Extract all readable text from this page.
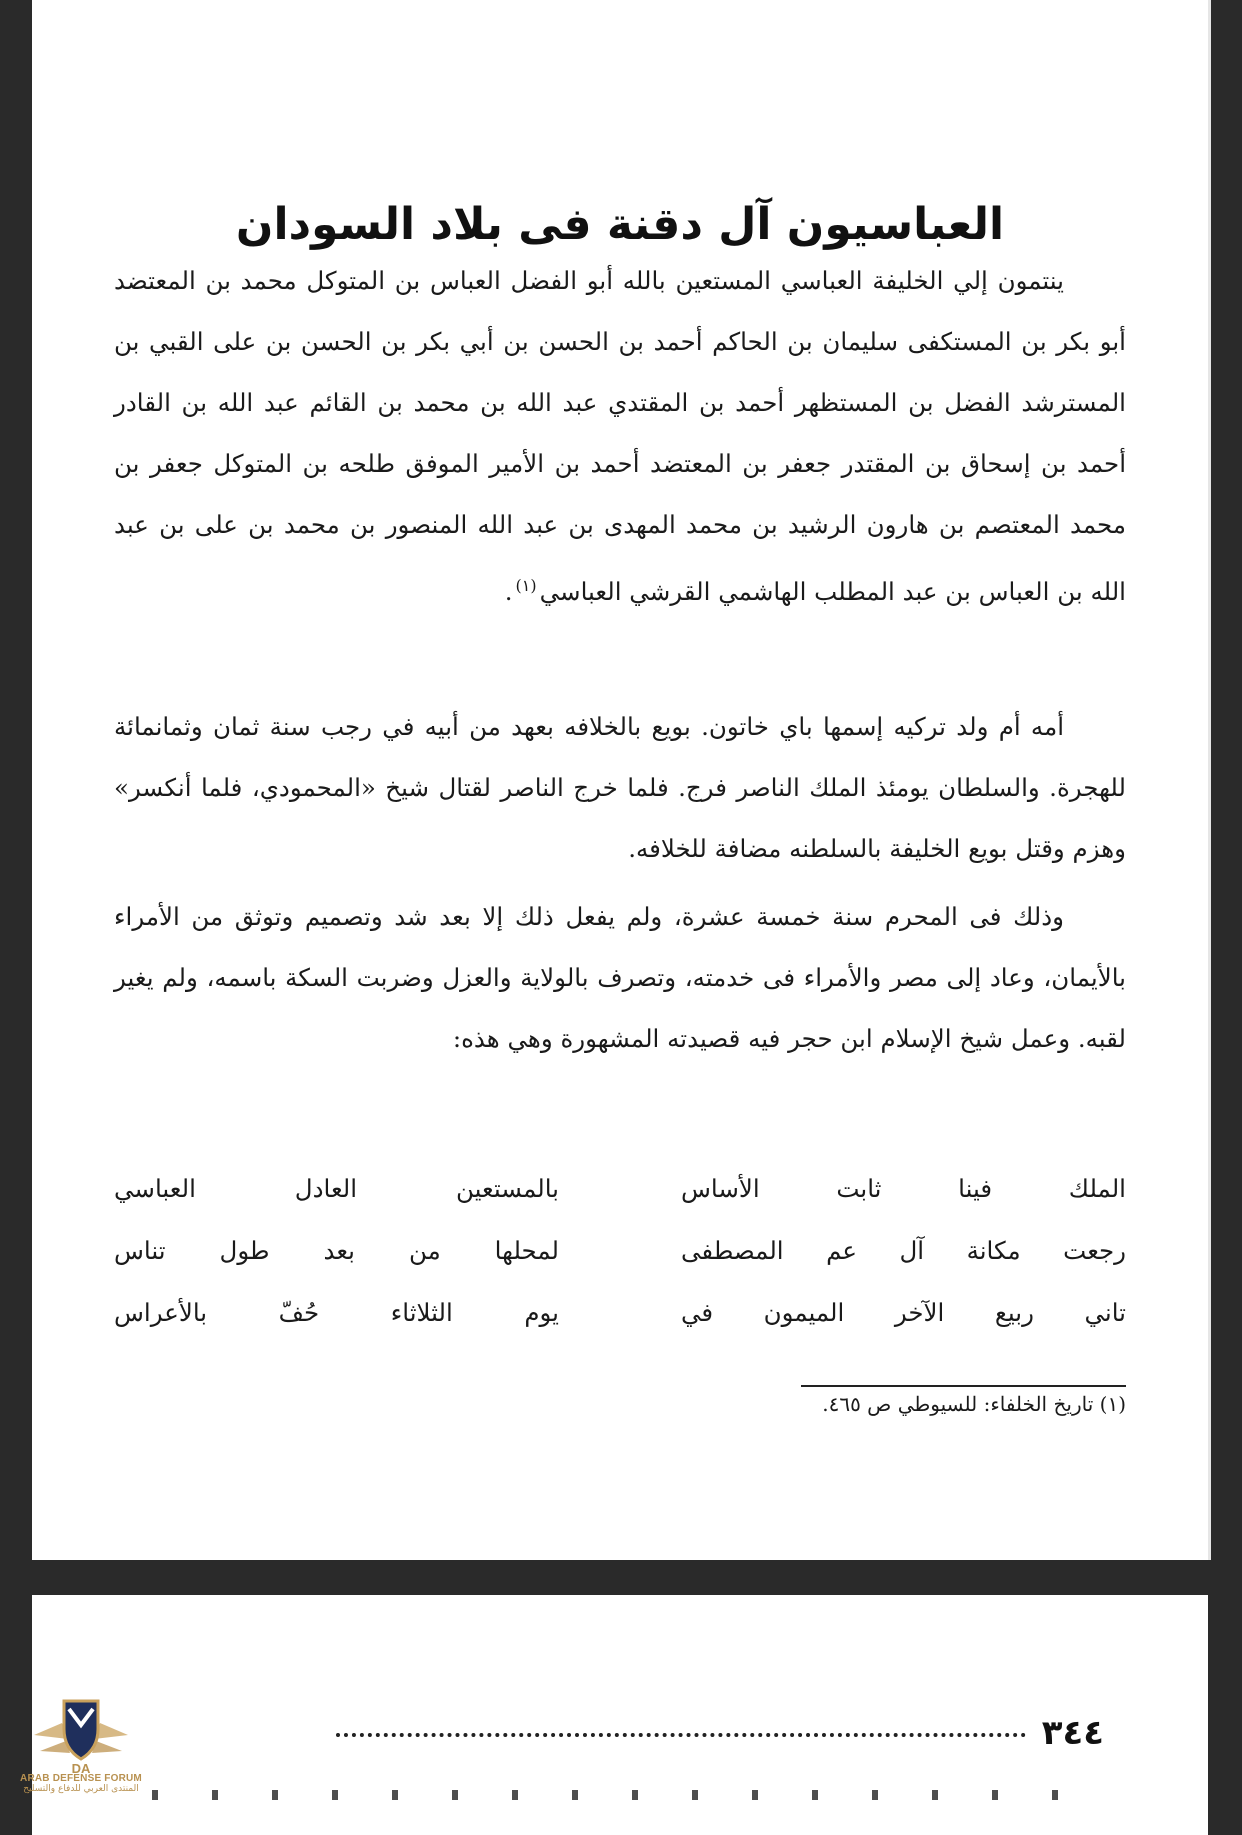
العباسيون آل دقنة فى بلاد السودان

ينتمون إلي الخليفة العباسي المستعين بالله أبو الفضل العباس بن المتوكل محمد بن المعتضد أبو بكر بن المستكفى سليمان بن الحاكم أحمد بن الحسن بن أبي بكر بن الحسن بن على القبي بن المسترشد الفضل بن المستظهر أحمد بن المقتدي عبد الله بن محمد بن القائم عبد الله بن القادر أحمد بن إسحاق بن المقتدر جعفر بن المعتضد أحمد بن الأمير الموفق طلحه بن المتوكل جعفر بن محمد المعتصم بن هارون الرشيد بن محمد المهدى بن عبد الله المنصور بن محمد بن على بن عبد الله بن العباس بن عبد المطلب الهاشمي القرشي العباسي$^{(١)}$.

أمه أم ولد تركيه إسمها باي خاتون. بويع بالخلافه بعهد من أبيه في رجب سنة ثمان وثمانمائة للهجرة. والسلطان يومئذ الملك الناصر فرج. فلما خرج الناصر لقتال شيخ «المحمودي، فلما أنكسر» وهزم وقتل بويع الخليفة بالسلطنه مضافة للخلافه.

وذلك فى المحرم سنة خمسة عشرة، ولم يفعل ذلك إلا بعد شد وتصميم وتوثق من الأمراء بالأيمان، وعاد إلى مصر والأمراء فى خدمته، وتصرف بالولاية والعزل وضربت السكة باسمه، ولم يغير لقبه. وعمل شيخ الإسلام ابن حجر فيه قصيدته المشهورة وهي هذه:

الملك فينا ثابت الأساس
بالمستعين العادل العباسي
رجعت مكانة آل عم المصطفى
لمحلها من بعد طول تناس
تاني ربيع الآخر الميمون في
يوم الثلاثاء حُفّ بالأعراس
(١) تاريخ الخلفاء: للسيوطي ص ٤٦٥.
٣٤٤
DA
ARAB DEFENSE FORUM
المنتدى العربي للدفاع والتسليح
